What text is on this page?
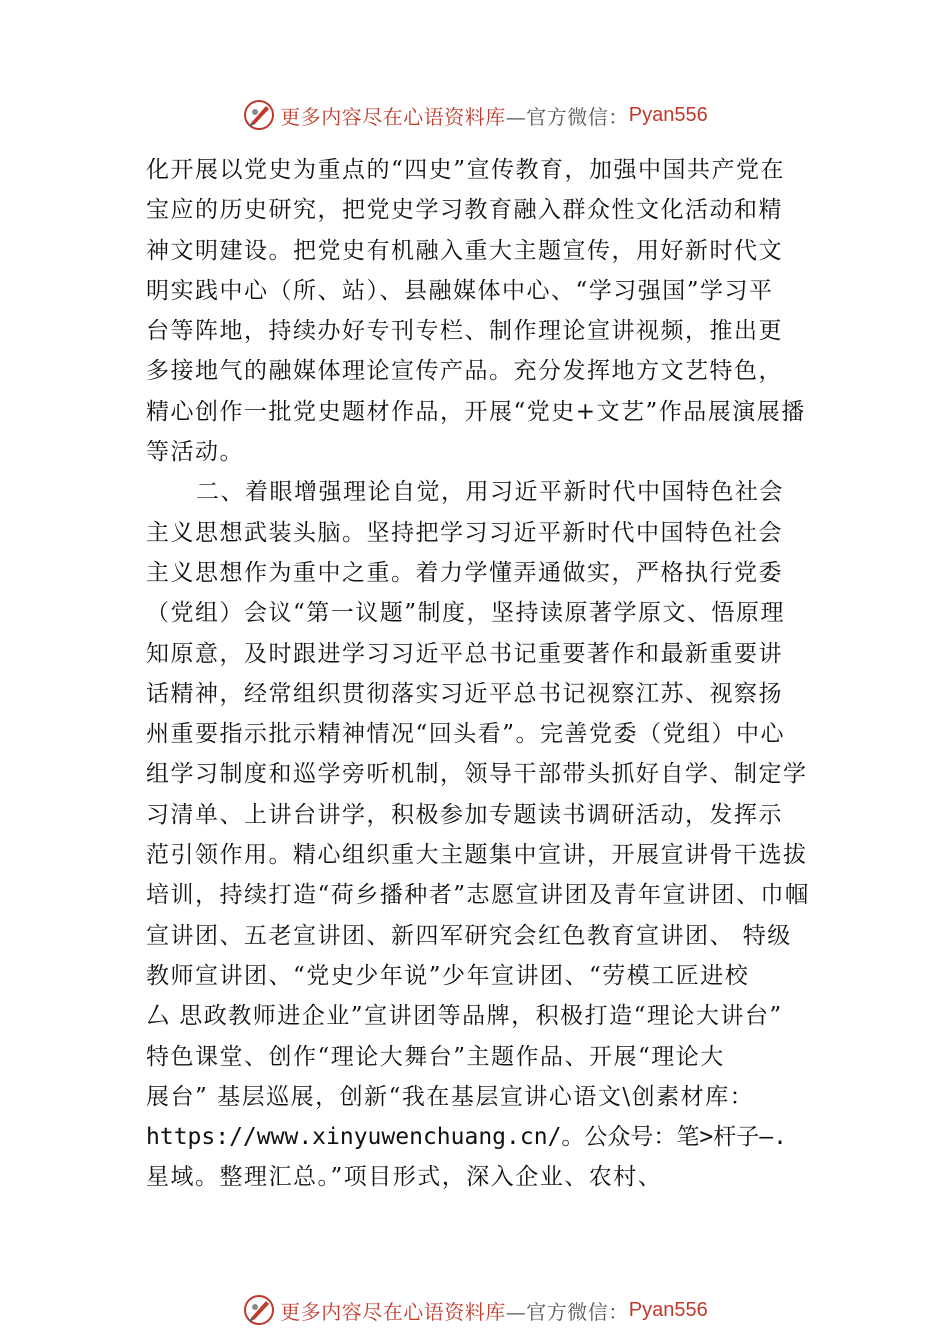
更多内容尽在心语资料库 —官方微信： Pyan556
化开展以党史为重点的“四史”宣传教育，加强中国共产党在
宝应的历史研究，把党史学习教育融入群众性文化活动和精
神文明建设。把党史有机融入重大主题宣传，用好新时代文
明实践中心（所、站）、县融媒体中心、“学习强国”学习平
台等阵地，持续办好专刊专栏、制作理论宣讲视频，推出更
多接地气的融媒体理论宣传产品。充分发挥地方文艺特色，
精心创作一批党史题材作品，开展“党史+文艺”作品展演展播
等活动。
二、着眼增强理论自觉，用习近平新时代中国特色社会
主义思想武装头脑。坚持把学习习近平新时代中国特色社会
主义思想作为重中之重。着力学懂弄通做实，严格执行党委
（党组）会议“第一议题”制度，坚持读原著学原文、悟原理
知原意，及时跟进学习习近平总书记重要著作和最新重要讲
话精神，经常组织贯彻落实习近平总书记视察江苏、视察扬
州重要指示批示精神情况“回头看”。完善党委（党组）中心
组学习制度和巡学旁听机制，领导干部带头抓好自学、制定学
习清单、上讲台讲学，积极参加专题读书调研活动，发挥示
范引领作用。精心组织重大主题集中宣讲，开展宣讲骨干选拔
培训，持续打造“荷乡播种者”志愿宣讲团及青年宣讲团、巾帼
宣讲团、五老宣讲团、新四军研究会红色教育宣讲团、 特级
教师宣讲团、“党史少年说”少年宣讲团、“劳模工匠进校
厶 思政教师进企业”宣讲团等品牌，积极打造“理论大讲台”
特色课堂、创作“理论大舞台”主题作品、开展“理论大
展台” 基层巡展，创新“我在基层宣讲心语文\创素材库：
https://www.xinyuwenchuang.cn/。公众号：笔>杆子—.
星域。整理汇总。”项目形式，深入企业、农村、
更多内容尽在心语资料库 —官方微信： Pyan556
